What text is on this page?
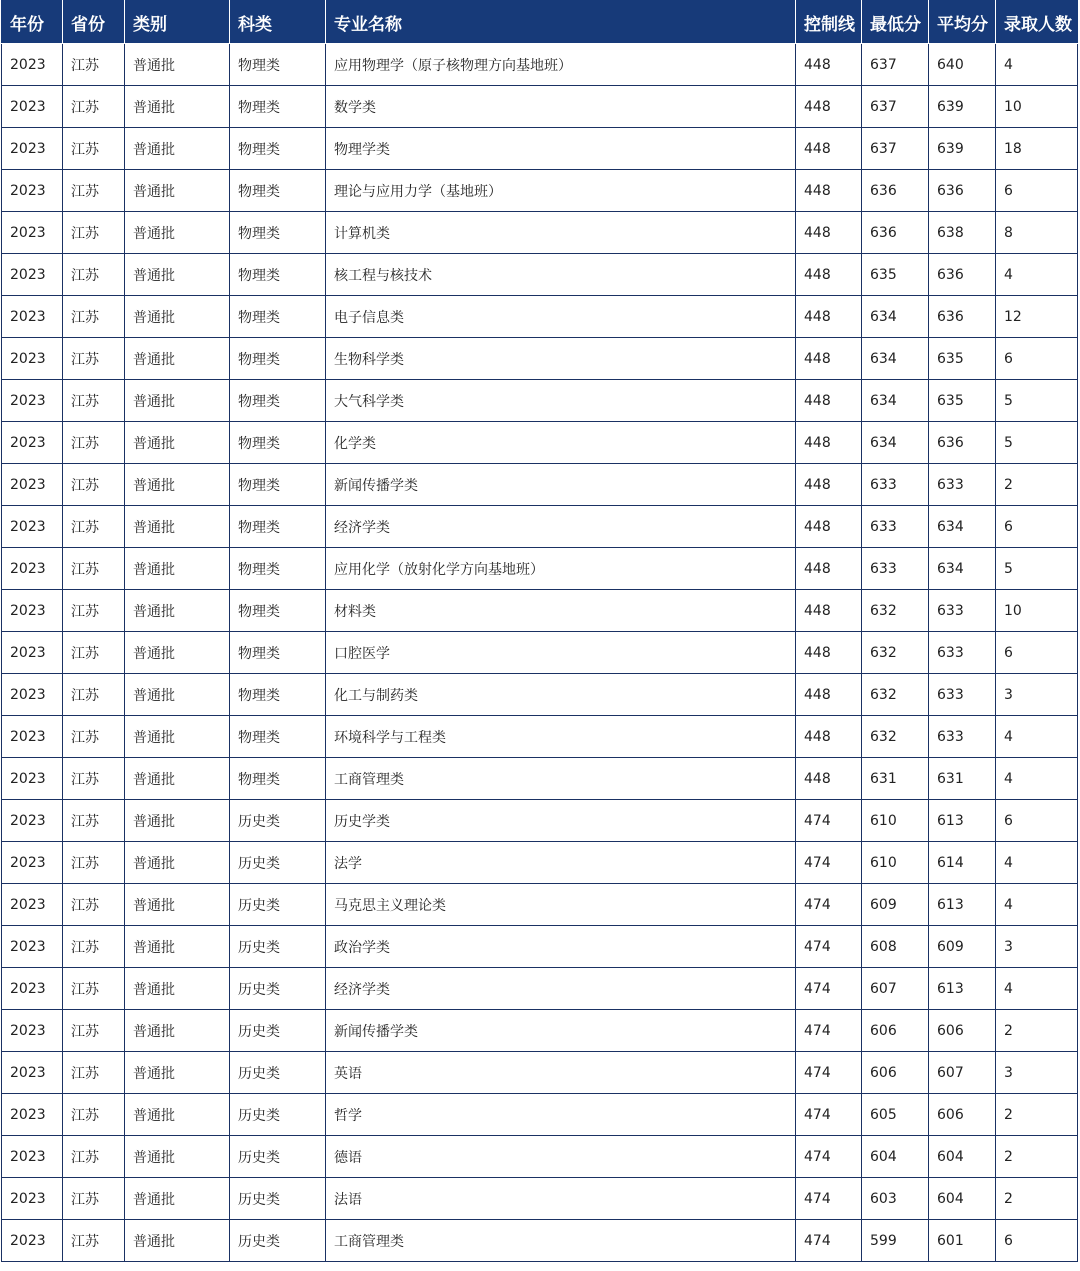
年份	省份	类别	科类	专业名称	控制线	最低分	平均分	录取人数
2023	江苏	普通批	物理类	应用物理学（原子核物理方向基地班）	448	637	640	4
2023	江苏	普通批	物理类	数学类	448	637	639	10
2023	江苏	普通批	物理类	物理学类	448	637	639	18
2023	江苏	普通批	物理类	理论与应用力学（基地班）	448	636	636	6
2023	江苏	普通批	物理类	计算机类	448	636	638	8
2023	江苏	普通批	物理类	核工程与核技术	448	635	636	4
2023	江苏	普通批	物理类	电子信息类	448	634	636	12
2023	江苏	普通批	物理类	生物科学类	448	634	635	6
2023	江苏	普通批	物理类	大气科学类	448	634	635	5
2023	江苏	普通批	物理类	化学类	448	634	636	5
2023	江苏	普通批	物理类	新闻传播学类	448	633	633	2
2023	江苏	普通批	物理类	经济学类	448	633	634	6
2023	江苏	普通批	物理类	应用化学（放射化学方向基地班）	448	633	634	5
2023	江苏	普通批	物理类	材料类	448	632	633	10
2023	江苏	普通批	物理类	口腔医学	448	632	633	6
2023	江苏	普通批	物理类	化工与制药类	448	632	633	3
2023	江苏	普通批	物理类	环境科学与工程类	448	632	633	4
2023	江苏	普通批	物理类	工商管理类	448	631	631	4
2023	江苏	普通批	历史类	历史学类	474	610	613	6
2023	江苏	普通批	历史类	法学	474	610	614	4
2023	江苏	普通批	历史类	马克思主义理论类	474	609	613	4
2023	江苏	普通批	历史类	政治学类	474	608	609	3
2023	江苏	普通批	历史类	经济学类	474	607	613	4
2023	江苏	普通批	历史类	新闻传播学类	474	606	606	2
2023	江苏	普通批	历史类	英语	474	606	607	3
2023	江苏	普通批	历史类	哲学	474	605	606	2
2023	江苏	普通批	历史类	德语	474	604	604	2
2023	江苏	普通批	历史类	法语	474	603	604	2
2023	江苏	普通批	历史类	工商管理类	474	599	601	6
